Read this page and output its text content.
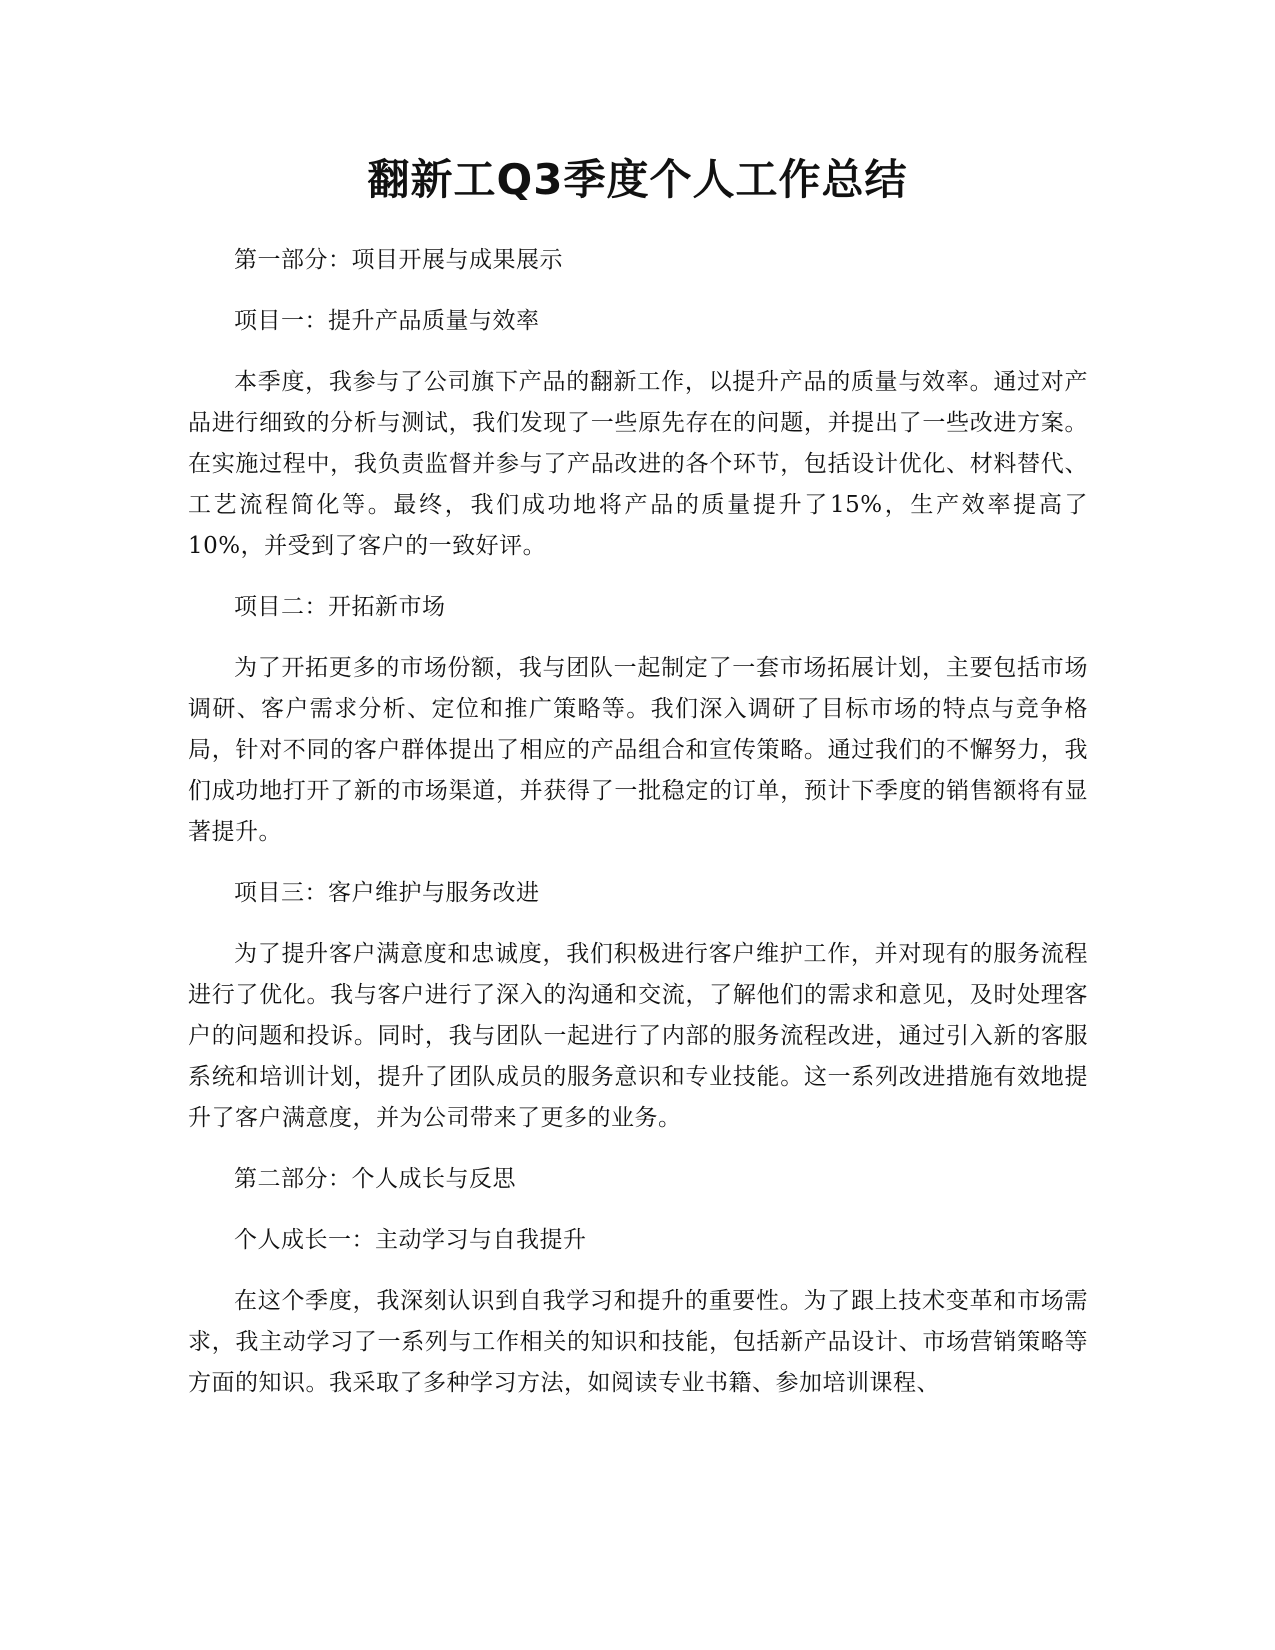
翻新工Q3季度个人工作总结

第一部分：项目开展与成果展示

项目一：提升产品质量与效率

本季度，我参与了公司旗下产品的翻新工作，以提升产品的质量与效率。通过对产品进行细致的分析与测试，我们发现了一些原先存在的问题，并提出了一些改进方案。在实施过程中，我负责监督并参与了产品改进的各个环节，包括设计优化、材料替代、工艺流程简化等。最终，我们成功地将产品的质量提升了15%，生产效率提高了10%，并受到了客户的一致好评。

项目二：开拓新市场

为了开拓更多的市场份额，我与团队一起制定了一套市场拓展计划，主要包括市场调研、客户需求分析、定位和推广策略等。我们深入调研了目标市场的特点与竞争格局，针对不同的客户群体提出了相应的产品组合和宣传策略。通过我们的不懈努力，我们成功地打开了新的市场渠道，并获得了一批稳定的订单，预计下季度的销售额将有显著提升。

项目三：客户维护与服务改进

为了提升客户满意度和忠诚度，我们积极进行客户维护工作，并对现有的服务流程进行了优化。我与客户进行了深入的沟通和交流，了解他们的需求和意见，及时处理客户的问题和投诉。同时，我与团队一起进行了内部的服务流程改进，通过引入新的客服系统和培训计划，提升了团队成员的服务意识和专业技能。这一系列改进措施有效地提升了客户满意度，并为公司带来了更多的业务。

第二部分：个人成长与反思

个人成长一：主动学习与自我提升

在这个季度，我深刻认识到自我学习和提升的重要性。为了跟上技术变革和市场需求，我主动学习了一系列与工作相关的知识和技能，包括新产品设计、市场营销策略等方面的知识。我采取了多种学习方法，如阅读专业书籍、参加培训课程、
